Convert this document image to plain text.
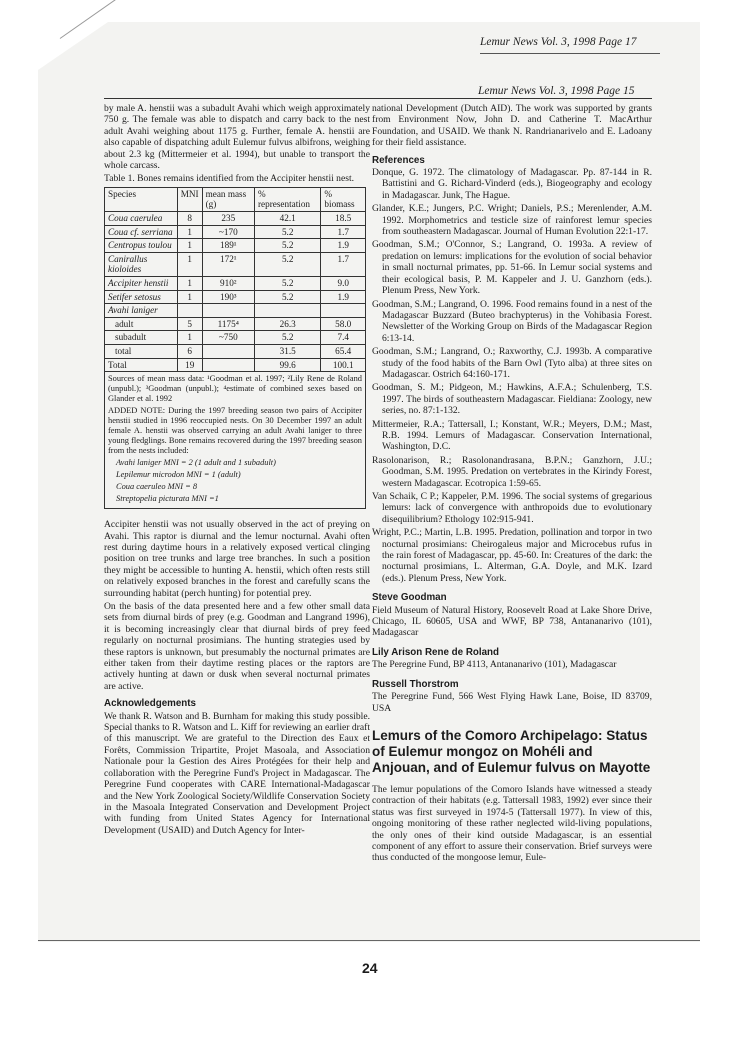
Lemur News Vol. 3, 1998 Page 17
Lemur News Vol. 3, 1998 Page 15

by male A. henstii was a subadult Avahi which weigh approximately 750 g. The female was able to dispatch and carry back to the nest adult Avahi weighing about 1175 g. Further, female A. henstii are also capable of dispatching adult Eulemur fulvus albifrons, weighing about 2.3 kg (Mittermeier et al. 1994), but unable to transport the whole carcass.

Table 1. Bones remains identified from the Accipiter henstii nest.

Species	MNI	mean mass (g)	% representation	% biomass
Coua caerulea	8	235	42.1	18.5
Coua cf. serriana	1	~170	5.2	1.7
Centropus toulou	1	189¹	5.2	1.9
Canirallus kioloides	1	172¹	5.2	1.7
Accipiter henstii	1	910²	5.2	9.0
Setifer setosus	1	190³	5.2	1.9
Avahi laniger				
adult	5	1175⁴	26.3	58.0
subadult	1	~750	5.2	7.4
total	6		31.5	65.4
Total	19		99.6	100.1

Sources of mean mass data: ¹Goodman et al. 1997; ²Lily Rene de Roland (unpubl.); ³Goodman (unpubl.); ⁴estimate of combined sexes based on Glander et al. 1992

ADDED NOTE: During the 1997 breeding season two pairs of Accipiter henstii studied in 1996 reoccupied nests. On 30 December 1997 an adult female A. henstii was observed carrying an adult Avahi laniger to three young fledglings. Bone remains recovered during the 1997 breeding season from the nests included:

Avahi laniger MNI = 2 (1 adult and 1 subadult)

Lepilemur microdon MNI = 1 (adult)

Coua caeruleo MNI = 8

Streptopelia picturata MNI =1

Accipiter henstii was not usually observed in the act of preying on Avahi. This raptor is diurnal and the lemur nocturnal. Avahi often rest during daytime hours in a relatively exposed vertical clinging position on tree trunks and large tree branches. In such a position they might be accessible to hunting A. henstii, which often rests still on relatively exposed branches in the forest and carefully scans the surrounding habitat (perch hunting) for potential prey.

On the basis of the data presented here and a few other small data sets from diurnal birds of prey (e.g. Goodman and Langrand 1996), it is becoming increasingly clear that diurnal birds of prey feed regularly on nocturnal prosimians. The hunting strategies used by these raptors is unknown, but presumably the nocturnal primates are either taken from their daytime resting places or the raptors are actively hunting at dawn or dusk when several nocturnal primates are active.

Acknowledgements

We thank R. Watson and B. Burnham for making this study possible. Special thanks to R. Watson and L. Kiff for reviewing an earlier draft of this manuscript. We are grateful to the Direction des Eaux et Forêts, Commission Tripartite, Projet Masoala, and Association Nationale pour la Gestion des Aires Protégées for their help and collaboration with the Peregrine Fund's Project in Madagascar. The Peregrine Fund cooperates with CARE International-Madagascar and the New York Zoological Society/Wildlife Conservation Society in the Masoala Integrated Conservation and Development Project with funding from United States Agency for International Development (USAID) and Dutch Agency for Inter-

national Development (Dutch AID). The work was supported by grants from Environment Now, John D. and Catherine T. MacArthur Foundation, and USAID. We thank N. Randrianarivelo and E. Ladoany for their field assistance.

References

Donque, G. 1972. The climatology of Madagascar. Pp. 87-144 in R. Battistini and G. Richard-Vinderd (eds.), Biogeography and ecology in Madagascar. Junk, The Hague.

Glander, K.E.; Jungers, P.C. Wright; Daniels, P.S.; Merenlender, A.M. 1992. Morphometrics and testicle size of rainforest lemur species from southeastern Madagascar. Journal of Human Evolution 22:1-17.

Goodman, S.M.; O'Connor, S.; Langrand, O. 1993a. A review of predation on lemurs: implications for the evolution of social behavior in small nocturnal primates, pp. 51-66. In Lemur social systems and their ecological basis, P. M. Kappeler and J. U. Ganzhorn (eds.). Plenum Press, New York.

Goodman, S.M.; Langrand, O. 1996. Food remains found in a nest of the Madagascar Buzzard (Buteo brachypterus) in the Vohibasia Forest. Newsletter of the Working Group on Birds of the Madagascar Region 6:13-14.

Goodman, S.M.; Langrand, O.; Raxworthy, C.J. 1993b. A comparative study of the food habits of the Barn Owl (Tyto alba) at three sites on Madagascar. Ostrich 64:160-171.

Goodman, S. M.; Pidgeon, M.; Hawkins, A.F.A.; Schulenberg, T.S. 1997. The birds of southeastern Madagascar. Fieldiana: Zoology, new series, no. 87:1-132.

Mittermeier, R.A.; Tattersall, I.; Konstant, W.R.; Meyers, D.M.; Mast, R.B. 1994. Lemurs of Madagascar. Conservation International, Washington, D.C.

Rasolonarison, R.; Rasolonandrasana, B.P.N.; Ganzhorn, J.U.; Goodman, S.M. 1995. Predation on vertebrates in the Kirindy Forest, western Madagascar. Ecotropica 1:59-65.

Van Schaik, C P.; Kappeler, P.M. 1996. The social systems of gregarious lemurs: lack of convergence with anthropoids due to evolutionary disequilibrium? Ethology 102:915-941.

Wright, P.C.; Martin, L.B. 1995. Predation, pollination and torpor in two nocturnal prosimians: Cheirogaleus major and Microcebus rufus in the rain forest of Madagascar, pp. 45-60. In: Creatures of the dark: the nocturnal prosimians, L. Alterman, G.A. Doyle, and M.K. Izard (eds.). Plenum Press, New York.

Steve Goodman

Field Museum of Natural History, Roosevelt Road at Lake Shore Drive, Chicago, IL 60605, USA and WWF, BP 738, Antananarivo (101), Madagascar

Lily Arison Rene de Roland

The Peregrine Fund, BP 4113, Antananarivo (101), Madagascar

Russell Thorstrom

The Peregrine Fund, 566 West Flying Hawk Lane, Boise, ID 83709, USA

Lemurs of the Comoro Archipelago: Status of Eulemur mongoz on Mohéli and Anjouan, and of Eulemur fulvus on Mayotte

The lemur populations of the Comoro Islands have witnessed a steady contraction of their habitats (e.g. Tattersall 1983, 1992) ever since their status was first surveyed in 1974-5 (Tattersall 1977). In view of this, ongoing monitoring of these rather neglected wild-living populations, the only ones of their kind outside Madagascar, is an essential component of any effort to assure their conservation. Brief surveys were thus conducted of the mongoose lemur, Eule-

24
